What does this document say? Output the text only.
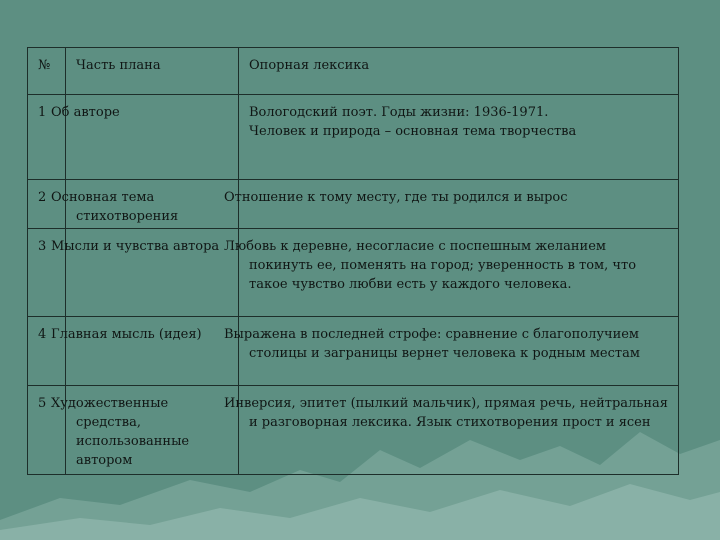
№	Часть плана	Опорная лексика
1	Об авторе	Вологодский поэт. Годы жизни: 1936-1971.
Человек и природа – основная тема творчества

2	Основная тема стихотворения	Отношение к тому месту, где ты родился и вырос
3	Мысли и чувства автора	Любовь к деревне, несогласие с поспешным желанием покинуть ее, поменять на город; уверенность в том, что такое чувство любви есть у каждого человека.
4	Главная мысль (идея)	Выражена в последней строфе: сравнение с благополучием столицы и заграницы вернет человека к родным местам
5	Художественные средства, использованные автором	Инверсия, эпитет (пылкий мальчик), прямая речь, нейтральная и разговорная лексика. Язык стихотворения прост и ясен
